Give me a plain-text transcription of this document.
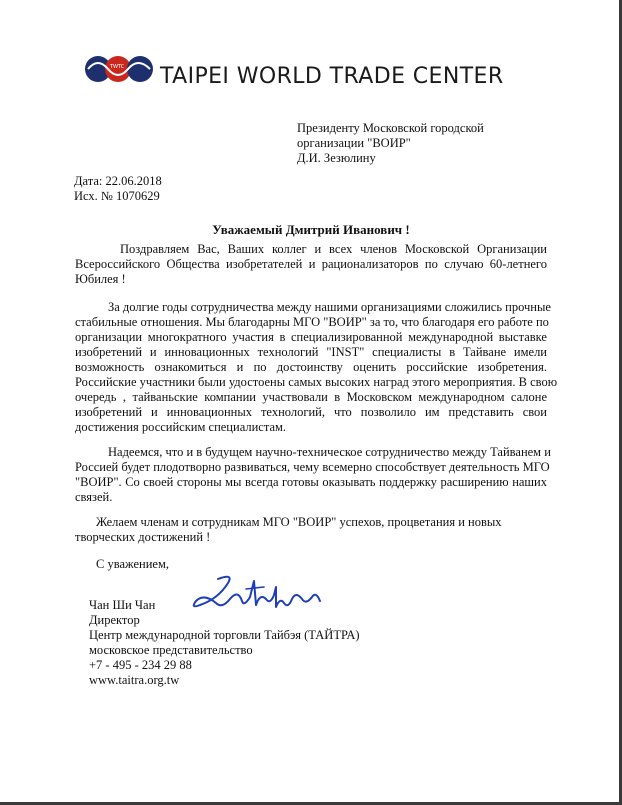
TWTC TAIPEI WORLD TRADE CENTER
Президенту Московской городской
организации "ВОИР"
Д.И. Зезюлину
Дата: 22.06.2018
Исх. № 1070629
Уважаемый Дмитрий Иванович !
Поздравляем Вас, Ваших коллег и всех членов Московской Организации
Всероссийского Общества изобретателей и рационализаторов по случаю 60-летнего
Юбилея !
За долгие годы сотрудничества между нашими организациями сложились прочные
стабильные отношения. Мы благодарны МГО "ВОИР" за то, что благодаря его работе по
организации многократного участия в специализированной международной выставке
изобретений и инновационных технологий "INST" специалисты в Тайване имели
возможность ознакомиться и по достоинству оценить российские изобретения.
Российские участники были удостоены самых высоких наград этого мероприятия. В свою
очередь , тайваньские компании участвовали в Московском международном салоне
изобретений и инновационных технологий, что позволило им представить свои
достижения российским специалистам.
Надеемся, что и в будущем научно-техническое сотрудничество между Тайванем и
Россией будет плодотворно развиваться, чему всемерно способствует деятельность МГО
"ВОИР". Со своей стороны мы всегда готовы оказывать поддержку расширению наших
связей.
Желаем членам и сотрудникам МГО "ВОИР" успехов, процветания и новых
творческих достижений !
С уважением,
Чан Ши Чан
Директор
Центр международной торговли Тайбэя (ТАЙТРА)
московское представительство
+7 - 495 - 234 29 88
www.taitra.org.tw
